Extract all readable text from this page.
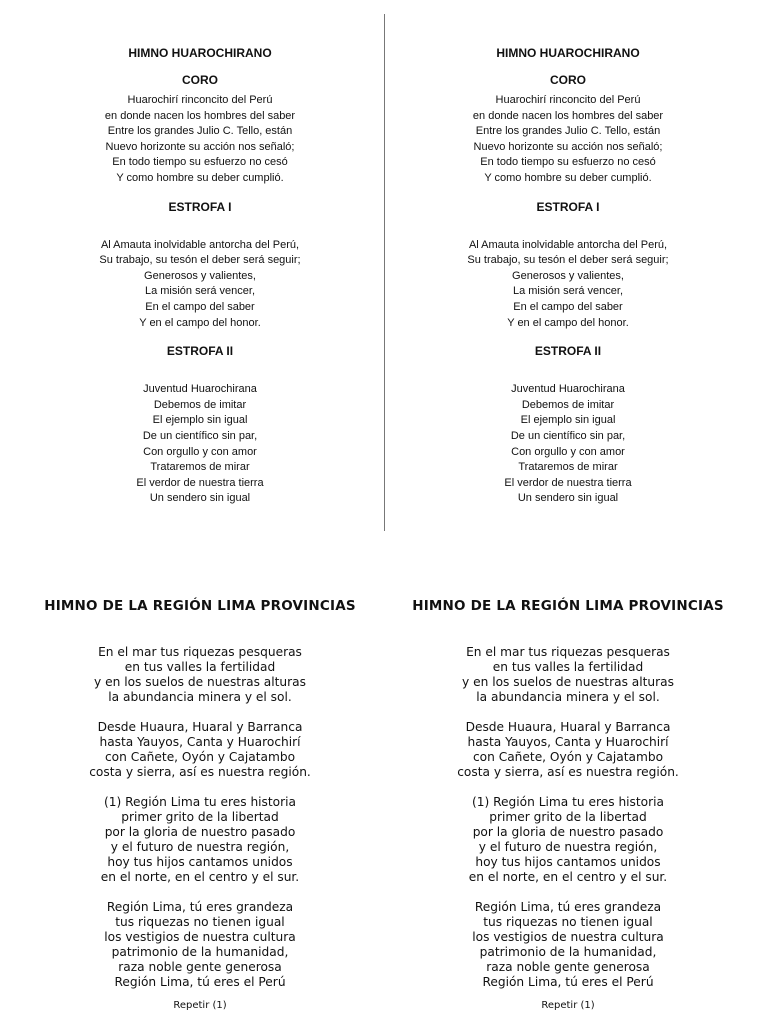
HIMNO HUAROCHIRANO
CORO
Huarochirí rinconcito del Perú
en donde nacen los hombres del saber
Entre los grandes Julio C. Tello, están
Nuevo horizonte su acción nos señaló;
En todo tiempo su esfuerzo no cesó
Y como hombre su deber cumplió.
ESTROFA I
Al Amauta inolvidable antorcha del Perú,
Su trabajo, su tesón el deber será seguir;
Generosos y valientes,
La misión será vencer,
En el campo del saber
Y en el campo del honor.
ESTROFA II
Juventud Huarochirana
Debemos de imitar
El ejemplo sin igual
De un científico sin par,
Con orgullo y con amor
Trataremos de mirar
El verdor de nuestra tierra
Un sendero sin igual
HIMNO HUAROCHIRANO
CORO
Huarochirí rinconcito del Perú
en donde nacen los hombres del saber
Entre los grandes Julio C. Tello, están
Nuevo horizonte su acción nos señaló;
En todo tiempo su esfuerzo no cesó
Y como hombre su deber cumplió.
ESTROFA I
Al Amauta inolvidable antorcha del Perú,
Su trabajo, su tesón el deber será seguir;
Generosos y valientes,
La misión será vencer,
En el campo del saber
Y en el campo del honor.
ESTROFA II
Juventud Huarochirana
Debemos de imitar
El ejemplo sin igual
De un científico sin par,
Con orgullo y con amor
Trataremos de mirar
El verdor de nuestra tierra
Un sendero sin igual
HIMNO DE LA REGIÓN LIMA PROVINCIAS
En el mar tus riquezas pesqueras
en tus valles la fertilidad
y en los suelos de nuestras alturas
la abundancia minera y el sol.
Desde Huaura, Huaral y Barranca
hasta Yauyos, Canta y Huarochirí
con Cañete, Oyón y Cajatambo
costa y sierra, así es nuestra región.
(1) Región Lima tu eres historia
primer grito de la libertad
por la gloria de nuestro pasado
y el futuro de nuestra región,
hoy tus hijos cantamos unidos
en el norte, en el centro y el sur.
Región Lima, tú eres grandeza
tus riquezas no tienen igual
los vestigios de nuestra cultura
patrimonio de la humanidad,
raza noble gente generosa
Región Lima, tú eres el Perú
Repetir (1)
HIMNO DE LA REGIÓN LIMA PROVINCIAS
En el mar tus riquezas pesqueras
en tus valles la fertilidad
y en los suelos de nuestras alturas
la abundancia minera y el sol.
Desde Huaura, Huaral y Barranca
hasta Yauyos, Canta y Huarochirí
con Cañete, Oyón y Cajatambo
costa y sierra, así es nuestra región.
(1) Región Lima tu eres historia
primer grito de la libertad
por la gloria de nuestro pasado
y el futuro de nuestra región,
hoy tus hijos cantamos unidos
en el norte, en el centro y el sur.
Región Lima, tú eres grandeza
tus riquezas no tienen igual
los vestigios de nuestra cultura
patrimonio de la humanidad,
raza noble gente generosa
Región Lima, tú eres el Perú
Repetir (1)
